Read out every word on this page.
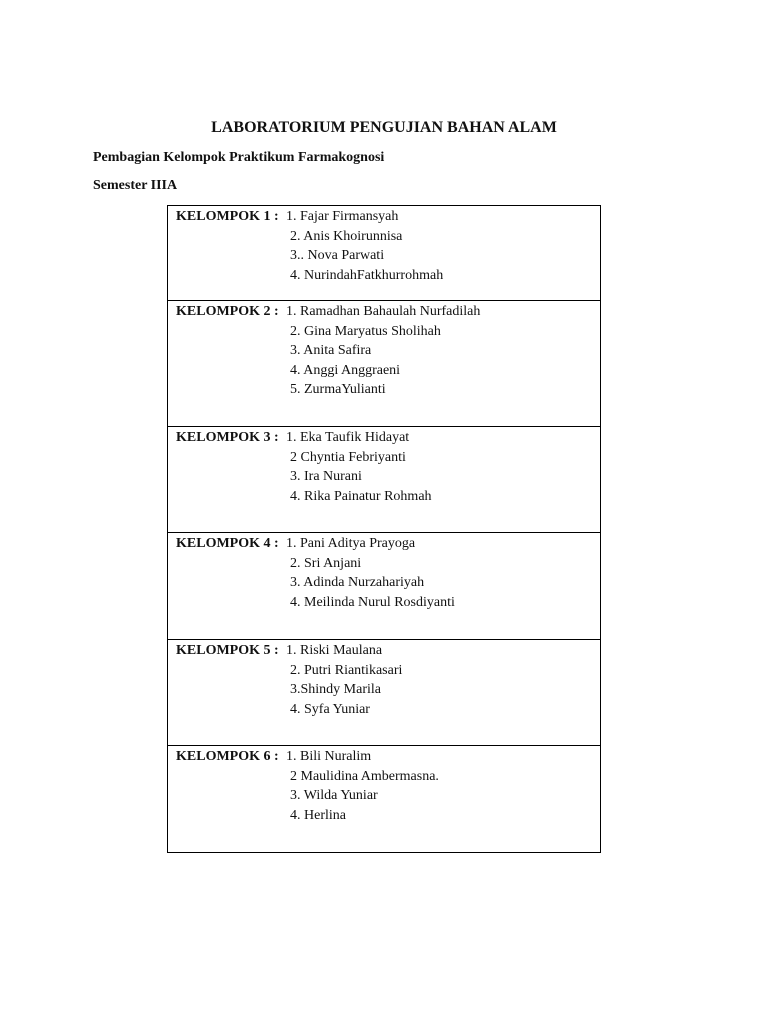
LABORATORIUM PENGUJIAN BAHAN ALAM
Pembagian Kelompok Praktikum Farmakognosi
Semester IIIA
KELOMPOK 1 : 1. Fajar Firmansyah
2. Anis Khoirunnisa
3.. Nova Parwati
4. NurindahFatkhurrohmah
KELOMPOK 2 : 1. Ramadhan Bahaulah Nurfadilah
2. Gina Maryatus Sholihah
3. Anita Safira
4. Anggi Anggraeni
5. ZurmaYulianti
KELOMPOK 3 : 1. Eka Taufik Hidayat
2 Chyntia Febriyanti
3. Ira Nurani
4. Rika Painatur Rohmah
KELOMPOK 4 : 1. Pani Aditya Prayoga
2. Sri Anjani
3. Adinda Nurzahariyah
4. Meilinda Nurul Rosdiyanti
KELOMPOK 5 : 1. Riski Maulana
2. Putri Riantikasari
3.Shindy Marila
4. Syfa Yuniar
KELOMPOK 6 : 1. Bili Nuralim
2 Maulidina Ambermasna.
3. Wilda Yuniar
4. Herlina
